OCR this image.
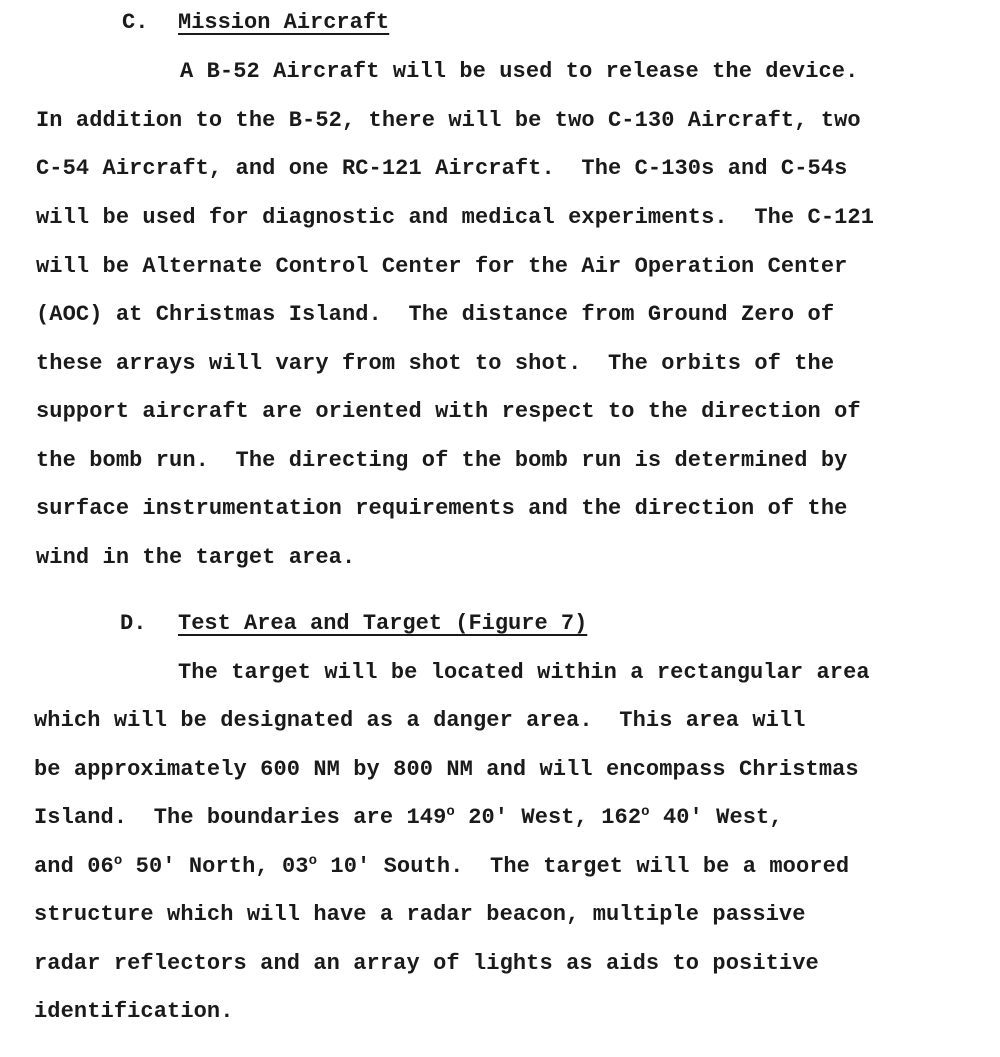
C. Mission Aircraft
A B-52 Aircraft will be used to release the device.
In addition to the B-52, there will be two C-130 Aircraft, two
C-54 Aircraft, and one RC-121 Aircraft.  The C-130s and C-54s
will be used for diagnostic and medical experiments.  The C-121
will be Alternate Control Center for the Air Operation Center
(AOC) at Christmas Island.  The distance from Ground Zero of
these arrays will vary from shot to shot.  The orbits of the
support aircraft are oriented with respect to the direction of
the bomb run.  The directing of the bomb run is determined by
surface instrumentation requirements and the direction of the
wind in the target area.
D. Test Area and Target (Figure 7)
The target will be located within a rectangular area
which will be designated as a danger area.  This area will
be approximately 600 NM by 800 NM and will encompass Christmas
Island.  The boundaries are 149$^o$ 20' West, 162$^o$ 40' West,
and 06$^o$ 50' North, 03$^o$ 10' South.  The target will be a moored
structure which will have a radar beacon, multiple passive
radar reflectors and an array of lights as aids to positive
identification.
